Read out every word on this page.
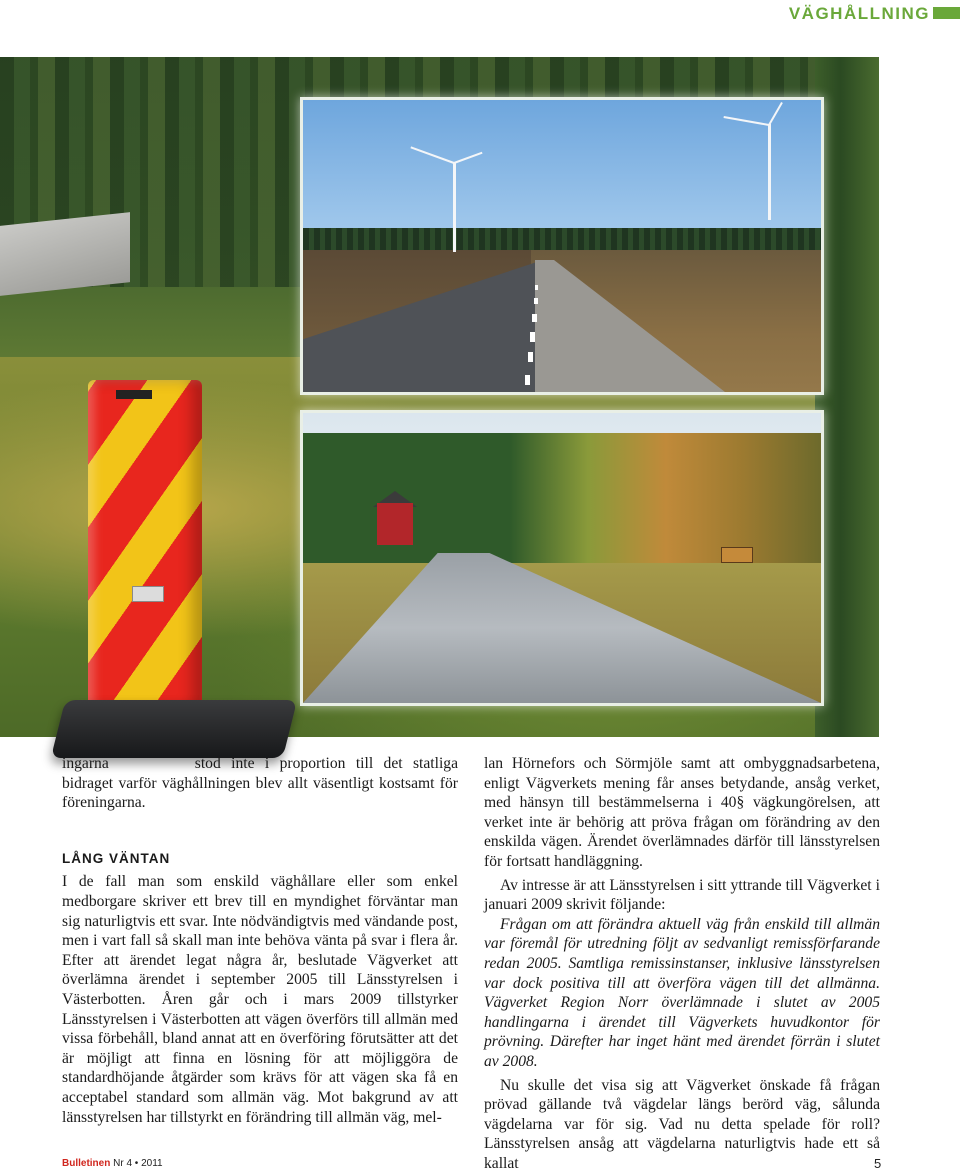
VÄGHÅLLNING

ingarna	stod inte i proportion till det statliga bidraget varför väghållningen blev allt väsentligt kostsamt för föreningarna.

LÅNG VÄNTAN

I de fall man som enskild väghållare eller som enkel medborgare skriver ett brev till en myndighet förväntar man sig naturligtvis ett svar. Inte nödvändigtvis med vändande post, men i vart fall så skall man inte behöva vänta på svar i flera år. Efter att ärendet legat några år, beslutade Vägverket att överlämna ärendet i september 2005 till Länsstyrelsen i Västerbotten. Åren går och i mars 2009 tillstyrker Länsstyrelsen i Västerbotten att vägen överförs till allmän med vissa förbehåll, bland annat att en överföring förutsätter att det är möjligt att finna en lösning för att möjliggöra de standardhöjande åtgärder som krävs för att vägen ska få en acceptabel standard som allmän väg. Mot bakgrund av att länsstyrelsen har tillstyrkt en förändring till allmän väg, mel-

lan Hörnefors och Sörmjöle samt att ombyggnadsarbetena, enligt Vägverkets mening får anses betydande, ansåg verket, med hänsyn till bestämmelserna i 40§ vägkungörelsen, att verket inte är behörig att pröva frågan om förändring av den enskilda vägen. Ärendet överlämnades därför till länsstyrelsen för fortsatt handläggning.

Av intresse är att Länsstyrelsen i sitt yttrande till Vägverket i januari 2009 skrivit följande:

Frågan om att förändra aktuell väg från enskild till allmän var föremål för utredning följt av sedvanligt remissförfarande redan 2005. Samtliga remissinstanser, inklusive länsstyrelsen var dock positiva till att överföra vägen till det allmänna. Vägverket Region Norr överlämnade i slutet av 2005 handlingarna i ärendet till Vägverkets huvudkontor för prövning. Därefter har inget hänt med ärendet förrän i slutet av 2008.

Nu skulle det visa sig att Vägverket önskade få frågan prövad gällande två vägdelar längs berörd väg, sålunda vägdelarna var för sig. Vad nu detta spelade för roll? Länsstyrelsen ansåg att vägdelarna naturligtvis hade ett så kallat

Bulletinen Nr 4 • 2011	5
